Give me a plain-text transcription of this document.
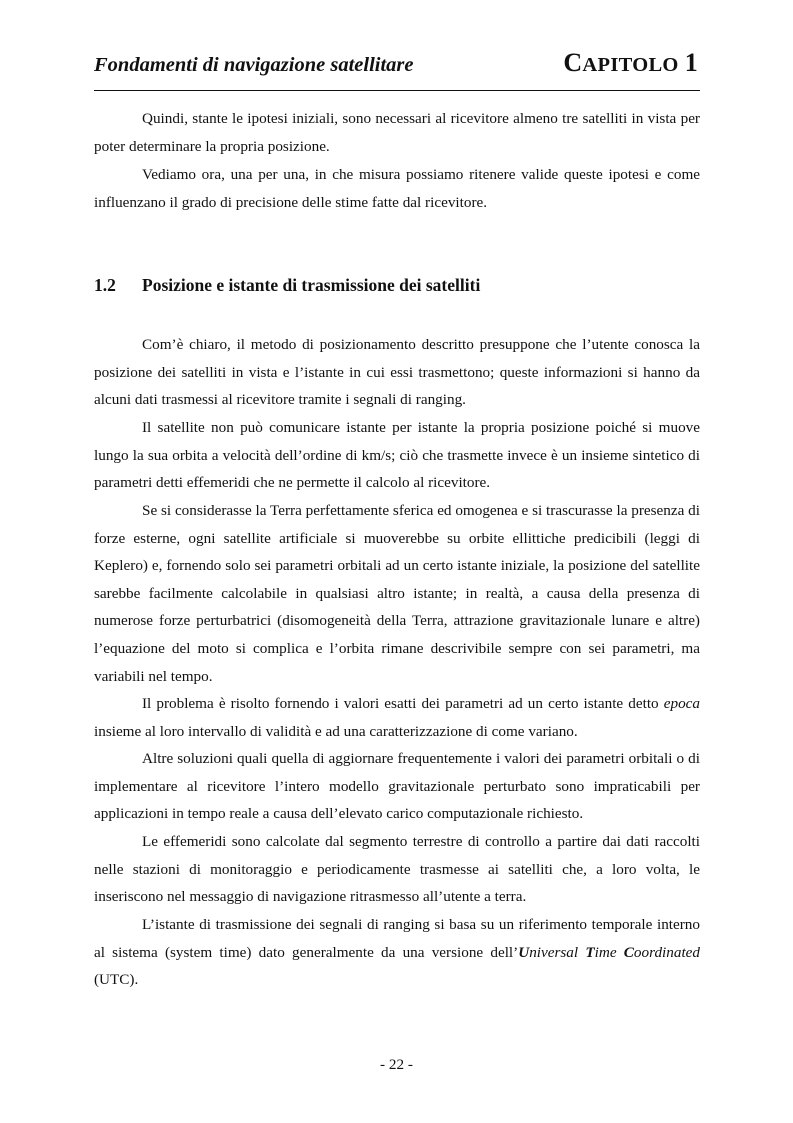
Fondamenti di navigazione satellitare	CAPITOLO 1

Quindi, stante le ipotesi iniziali, sono necessari al ricevitore almeno tre satelliti in vista per poter determinare la propria posizione.

Vediamo ora, una per una, in che misura possiamo ritenere valide queste ipotesi e come influenzano il grado di precisione delle stime fatte dal ricevitore.

1.2 Posizione e istante di trasmissione dei satelliti

Com’è chiaro, il metodo di posizionamento descritto presuppone che l’utente conosca la posizione dei satelliti in vista e l’istante in cui essi trasmettono; queste informazioni si hanno da alcuni dati trasmessi al ricevitore tramite i segnali di ranging.

Il satellite non può comunicare istante per istante la propria posizione poiché si muove lungo la sua orbita a velocità dell’ordine di km/s; ciò che trasmette invece è un insieme sintetico di parametri detti effemeridi che ne permette il calcolo al ricevitore.

Se si considerasse la Terra perfettamente sferica ed omogenea e si trascurasse la presenza di forze esterne, ogni satellite artificiale si muoverebbe su orbite ellittiche predicibili (leggi di Keplero) e, fornendo solo sei parametri orbitali ad un certo istante iniziale, la posizione del satellite sarebbe facilmente calcolabile in qualsiasi altro istante; in realtà, a causa della presenza di numerose forze perturbatrici (disomogeneità della Terra, attrazione gravitazionale lunare e altre) l’equazione del moto si complica e l’orbita rimane descrivibile sempre con sei parametri, ma variabili nel tempo.

Il problema è risolto fornendo i valori esatti dei parametri ad un certo istante detto epoca insieme al loro intervallo di validità e ad una caratterizzazione di come variano.

Altre soluzioni quali quella di aggiornare frequentemente i valori dei parametri orbitali o di implementare al ricevitore l’intero modello gravitazionale perturbato sono impraticabili per applicazioni in tempo reale a causa dell’elevato carico computazionale richiesto.

Le effemeridi sono calcolate dal segmento terrestre di controllo a partire dai dati raccolti nelle stazioni di monitoraggio e periodicamente trasmesse ai satelliti che, a loro volta, le inseriscono nel messaggio di navigazione ritrasmesso all’utente a terra.

L’istante di trasmissione dei segnali di ranging si basa su un riferimento temporale interno al sistema (system time) dato generalmente da una versione dell’Universal Time Coordinated (UTC).

- 22 -
